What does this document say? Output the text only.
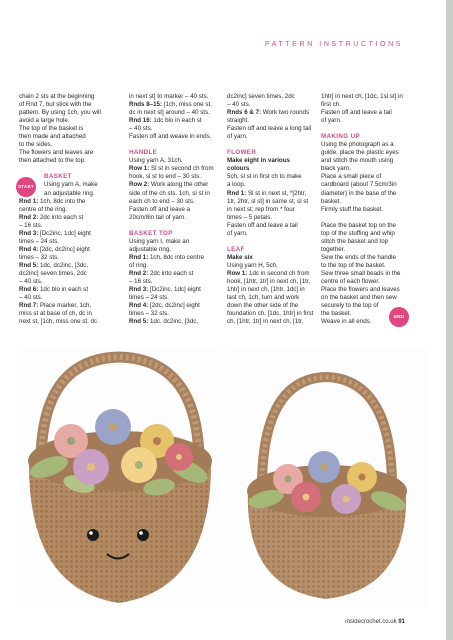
PATTERN INSTRUCTIONS

chain 2 sts at the beginning

of Rnd 7, but stick with the

pattern. By using 1ch, you will

avoid a large hole.

The top of the basket is

then made and attached

to the sides.

The flowers and leaves are

then attached to the top.

START

BASKET

Using yarn A, make

an adjustable ring.

Rnd 1: 1ch, 8dc into the

centre of the ring.

Rnd 2: 2dc into each st

– 16 sts.

Rnd 3: [Dc2inc, 1dc] eight

times – 24 sts.

Rnd 4: [2dc, dc2inc] eight

times – 32 sts.

Rnd 5: 1dc, dc2inc, [3dc,

dc2inc] seven times, 2dc

– 40 sts.

Rnd 6: 1dc blo in each st

– 40 sts.

Rnd 7: Place marker, 1ch,

miss st at base of ch, dc in

next st, [1ch, miss one st, dc

in next st] to marker – 40 sts.

Rnds 8–15: [1ch, miss one st,

dc in next st] around – 40 sts.

Rnd 16: 1dc blo in each st

– 40 sts.

Fasten off and weave in ends.

HANDLE

Using yarn A, 31ch.

Row 1: Sl st in second ch from

hook, sl st to end – 30 sts.

Row 2: Work along the other

side of the ch sts. 1ch, sl st in

each ch to end – 30 sts.

Fasten off and leave a

20cm/8in tail of yarn.

BASKET TOP

Using yarn I, make an

adjustable ring.

Rnd 1: 1ch, 8dc into centre

of ring.

Rnd 2: 2dc into each st

– 16 sts.

Rnd 3: [Dc2inc, 1dc] eight

times – 24 sts.

Rnd 4: [2dc, dc2inc] eight

times – 32 sts.

Rnd 5: 1dc, dc2inc, [3dc,

dc2inc] seven times, 2dc

– 40 sts.

Rnds 6 & 7: Work two rounds

straight.

Fasten off and leave a long tail

of yarn.

FLOWER

Make eight in various

colours

5ch, sl st in first ch to make

a loop.

Rnd 1: Sl st in next st, *[2htr,

1tr, 2htr, sl st] in same st, sl st

in next st; rep from * four

times – 5 petals.

Fasten off and leave a tail

of yarn.

LEAF

Make six

Using yarn H, 5ch.

Row 1: 1dc in second ch from

hook, [1htr, 1tr] in next ch, [1tr,

1htr] in next ch, [1htr, 1dc] in

last ch, 1ch, turn and work

down the other side of the

foundation ch, [1dc, 1htr] in first

ch, [1htr, 1tr] in next ch, [1tr,

1htr] in next ch, [1dc, 1sl st] in

first ch.

Fasten off and leave a tail

of yarn.

MAKING UP

Using the photograph as a

guide, place the plastic eyes

and stitch the mouth using

black yarn.

Place a small piece of

cardboard (about 7.5cm/3in

diameter) in the base of the

basket.

Firmly stuff the basket.

Place the basket top on the

top of the stuffing and whip

stitch the basket and top

together.

Sew the ends of the handle

to the top of the basket.

Sew three small beads in the

centre of each flower.

Place the flowers and leaves

on the basket and then sew

securely to the top of

the basket.

Weave in all ends.

END
insidecrochet.co.uk 91
